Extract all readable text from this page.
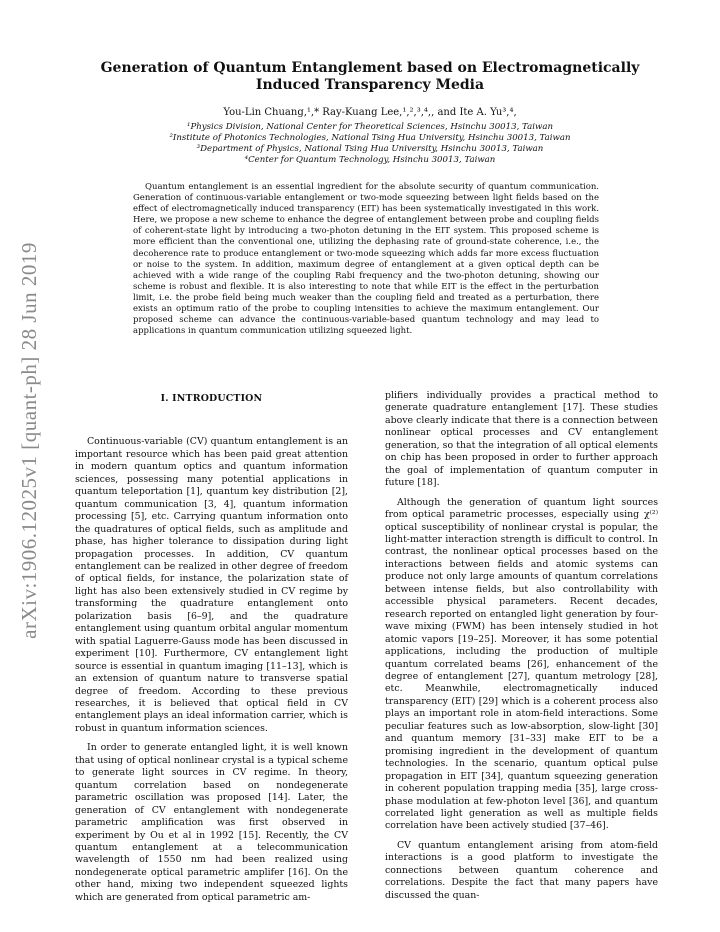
arXiv:1906.12025v1 [quant-ph] 28 Jun 2019
Generation of Quantum Entanglement based on Electromagnetically Induced Transparency Media
You-Lin Chuang,¹,* Ray-Kuang Lee,¹,²,³,⁴,, and Ite A. Yu³,⁴,
¹Physics Division, National Center for Theoretical Sciences, Hsinchu 30013, Taiwan
²Institute of Photonics Technologies, National Tsing Hua University, Hsinchu 30013, Taiwan
³Department of Physics, National Tsing Hua University, Hsinchu 30013, Taiwan
⁴Center for Quantum Technology, Hsinchu 30013, Taiwan

Quantum entanglement is an essential ingredient for the absolute security of quantum communication. Generation of continuous-variable entanglement or two-mode squeezing between light fields based on the effect of electromagnetically induced transparency (EIT) has been systematically investigated in this work. Here, we propose a new scheme to enhance the degree of entanglement between probe and coupling fields of coherent-state light by introducing a two-photon detuning in the EIT system. This proposed scheme is more efficient than the conventional one, utilizing the dephasing rate of ground-state coherence, i.e., the decoherence rate to produce entanglement or two-mode squeezing which adds far more excess fluctuation or noise to the system. In addition, maximum degree of entanglement at a given optical depth can be achieved with a wide range of the coupling Rabi frequency and the two-photon detuning, showing our scheme is robust and flexible. It is also interesting to note that while EIT is the effect in the perturbation limit, i.e. the probe field being much weaker than the coupling field and treated as a perturbation, there exists an optimum ratio of the probe to coupling intensities to achieve the maximum entanglement. Our proposed scheme can advance the continuous-variable-based quantum technology and may lead to applications in quantum communication utilizing squeezed light.

I. INTRODUCTION

Continuous-variable (CV) quantum entanglement is an important resource which has been paid great attention in modern quantum optics and quantum information sciences, possessing many potential applications in quantum teleportation [1], quantum key distribution [2], quantum communication [3, 4], quantum information processing [5], etc. Carrying quantum information onto the quadratures of optical fields, such as amplitude and phase, has higher tolerance to dissipation during light propagation processes. In addition, CV quantum entanglement can be realized in other degree of freedom of optical fields, for instance, the polarization state of light has also been extensively studied in CV regime by transforming the quadrature entanglement onto polarization basis [6–9], and the quadrature entanglement using quantum orbital angular momentum with spatial Laguerre-Gauss mode has been discussed in experiment [10]. Furthermore, CV entanglement light source is essential in quantum imaging [11–13], which is an extension of quantum nature to transverse spatial degree of freedom. According to these previous researches, it is believed that optical field in CV entanglement plays an ideal information carrier, which is robust in quantum information sciences.

In order to generate entangled light, it is well known that using of optical nonlinear crystal is a typical scheme to generate light sources in CV regime. In theory, quantum correlation based on nondegenerate parametric oscillation was proposed [14]. Later, the generation of CV entanglement with nondegenerate parametric amplification was first observed in experiment by Ou et al in 1992 [15]. Recently, the CV quantum entanglement at a telecommunication wavelength of 1550 nm had been realized using nondegenerate optical parametric amplifer [16]. On the other hand, mixing two independent squeezed lights which are generated from optical parametric am-

plifiers individually provides a practical method to generate quadrature entanglement [17]. These studies above clearly indicate that there is a connection between nonlinear optical processes and CV entanglement generation, so that the integration of all optical elements on chip has been proposed in order to further approach the goal of implementation of quantum computer in future [18].

Although the generation of quantum light sources from optical parametric processes, especially using χ⁽²⁾ optical susceptibility of nonlinear crystal is popular, the light-matter interaction strength is difficult to control. In contrast, the nonlinear optical processes based on the interactions between fields and atomic systems can produce not only large amounts of quantum correlations between intense fields, but also controllability with accessible physical parameters. Recent decades, research reported on entangled light generation by four-wave mixing (FWM) has been intensely studied in hot atomic vapors [19–25]. Moreover, it has some potential applications, including the production of multiple quantum correlated beams [26], enhancement of the degree of entanglement [27], quantum metrology [28], etc. Meanwhile, electromagnetically induced transparency (EIT) [29] which is a coherent process also plays an important role in atom-field interactions. Some peculiar features such as low-absorption, slow-light [30] and quantum memory [31–33] make EIT to be a promising ingredient in the development of quantum technologies. In the scenario, quantum optical pulse propagation in EIT [34], quantum squeezing generation in coherent population trapping media [35], large cross-phase modulation at few-photon level [36], and quantum correlated light generation as well as multiple fields correlation have been actively studied [37–46].

CV quantum entanglement arising from atom-field interactions is a good platform to investigate the connections between quantum coherence and correlations. Despite the fact that many papers have discussed the quan-
